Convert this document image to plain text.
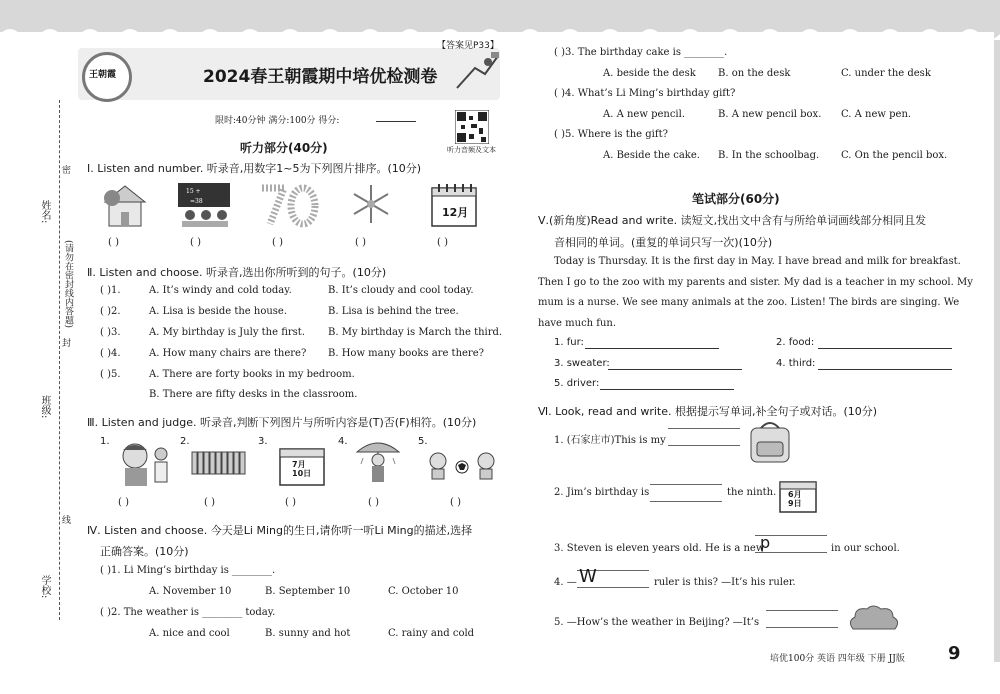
姓名:
(请勿在密封线内答题)
班级:
学校:
密
封
线
王朝霞	2024春王朝霞期中培优检测卷
【答案见P33】
限时:40分钟 满分:100分 得分:
听力音频及文本
听力部分(40分)
Ⅰ. Listen and number. 听录音,用数字1~5为下列图片排序。(10分)
15 +
=38
12月
( )	( )	( )	( )	( )
Ⅱ. Listen and choose. 听录音,选出你所听到的句子。(10分)
( )1.	A. It’s windy and cold today.	B. It’s cloudy and cool today.
( )2.	A. Lisa is beside the house.	B. Lisa is behind the tree.
( )3.	A. My birthday is July the first. B. My birthday is March the third.
( )4.	A. How many chairs are there? B. How many books are there?
( )5.	A. There are forty books in my bedroom.
B. There are fifty desks in the classroom.
Ⅲ. Listen and judge. 听录音,判断下列图片与所听内容是(T)否(F)相符。(10分)
1.	2.	3.	4.	5.
7月
10日
( )	( )	( )	( )	( )
Ⅳ. Listen and choose. 今天是Li Ming的生日,请你听一听Li Ming的描述,选择
正确答案。(10分)
( )1. Li Ming’s birthday is ________.
A. November 10	B. September 10	C. October 10
( )2. The weather is ________ today.
A. nice and cool	B. sunny and hot	C. rainy and cold
( )3. The birthday cake is ________.
A. beside the desk B. on the desk	C. under the desk
( )4. What’s Li Ming’s birthday gift?
A. A new pencil.	B. A new pencil box. C. A new pen.
( )5. Where is the gift?
A. Beside the cake. B. In the schoolbag. C. On the pencil box.
笔试部分(60分)
Ⅴ.(新角度)Read and write. 读短文,找出文中含有与所给单词画线部分相同且发
音相同的单词。(重复的单词只写一次)(10分)
Today is Thursday. It is the first day in May. I have bread and milk for breakfast.
Then I go to the zoo with my parents and sister. My dad is a teacher in my school. My
mum is a nurse. We see many animals at the zoo. Listen! The birds are singing. We
have much fun.
1. fur:	2. food:
3. sweater:	4. third:
5. driver:
Ⅵ. Look, read and write. 根据提示写单词,补全句子或对话。(10分)
1. (石家庄市)This is my
2. Jim’s birthday is	the ninth. 6月
9日
3. Steven is eleven years old. He is a new
p	in our school.
4. — W	ruler is this? —It’s his ruler.
5. —How’s the weather in Beijing? —It’s
培优100分 英语 四年级 下册 JJ版 9
